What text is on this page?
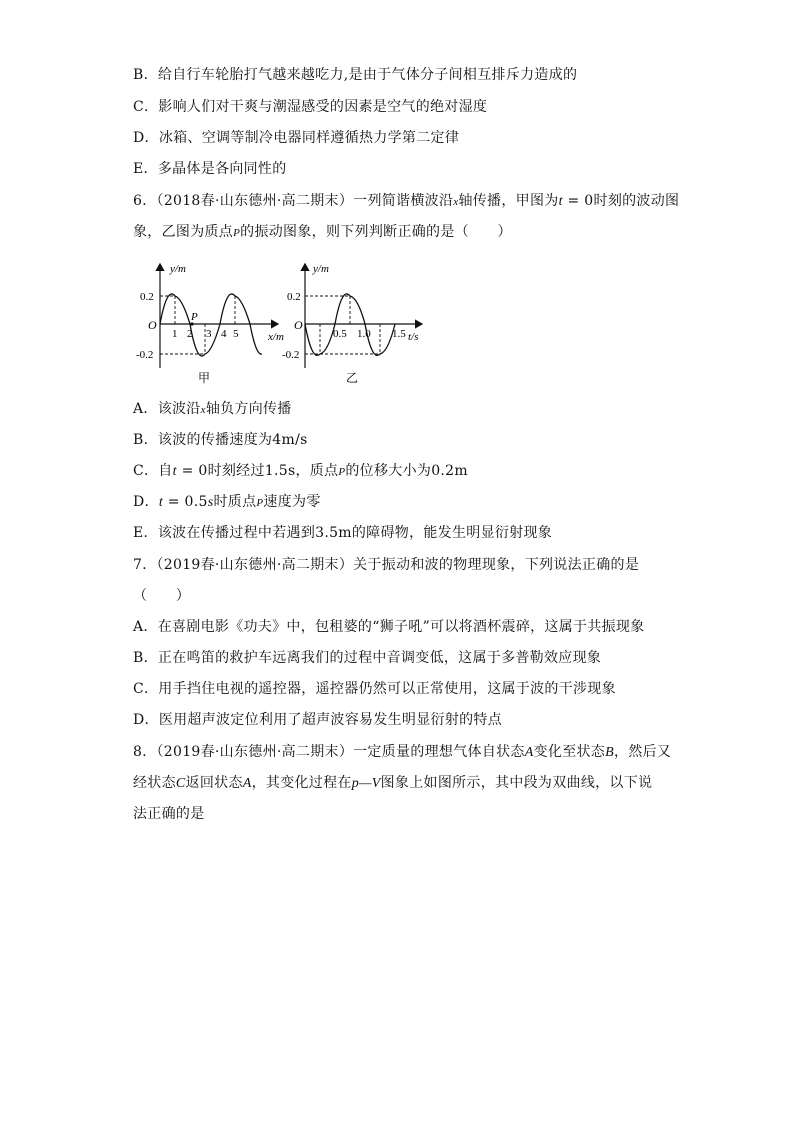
B．给自行车轮胎打气越来越吃力,是由于气体分子间相互排斥力造成的
C．影响人们对干爽与潮湿感受的因素是空气的绝对湿度
D．冰箱、空调等制冷电器同样遵循热力学第二定律
E．多晶体是各向同性的
6．（2018春·山东德州·高二期末）一列简谐横波沿x轴传播，甲图为t = 0时刻的波动图
象，乙图为质点P的振动图象，则下列判断正确的是（　　）
y/m
x/m
O
0.2
-0.2
1 2 3 4 5
P
甲
y/m
t/s
O
0.2
-0.2
0.5 1.0 1.5
乙
A．该波沿x轴负方向传播
B．该波的传播速度为4m/s
C．自t = 0时刻经过1.5s，质点P的位移大小为0.2m
D．t = 0.5s时质点P速度为零
E．该波在传播过程中若遇到3.5m的障碍物，能发生明显衍射现象
7．（2019春·山东德州·高二期末）关于振动和波的物理现象，下列说法正确的是
（　　）
A．在喜剧电影《功夫》中，包租婆的“狮子吼”可以将酒杯震碎，这属于共振现象
B．正在鸣笛的救护车远离我们的过程中音调变低，这属于多普勒效应现象
C．用手挡住电视的遥控器，遥控器仍然可以正常使用，这属于波的干涉现象
D．医用超声波定位利用了超声波容易发生明显衍射的特点
8．（2019春·山东德州·高二期末）一定质量的理想气体自状态A变化至状态B，然后又
经状态C返回状态A，其变化过程在p—V图象上如图所示，其中段为双曲线，以下说
法正确的是
